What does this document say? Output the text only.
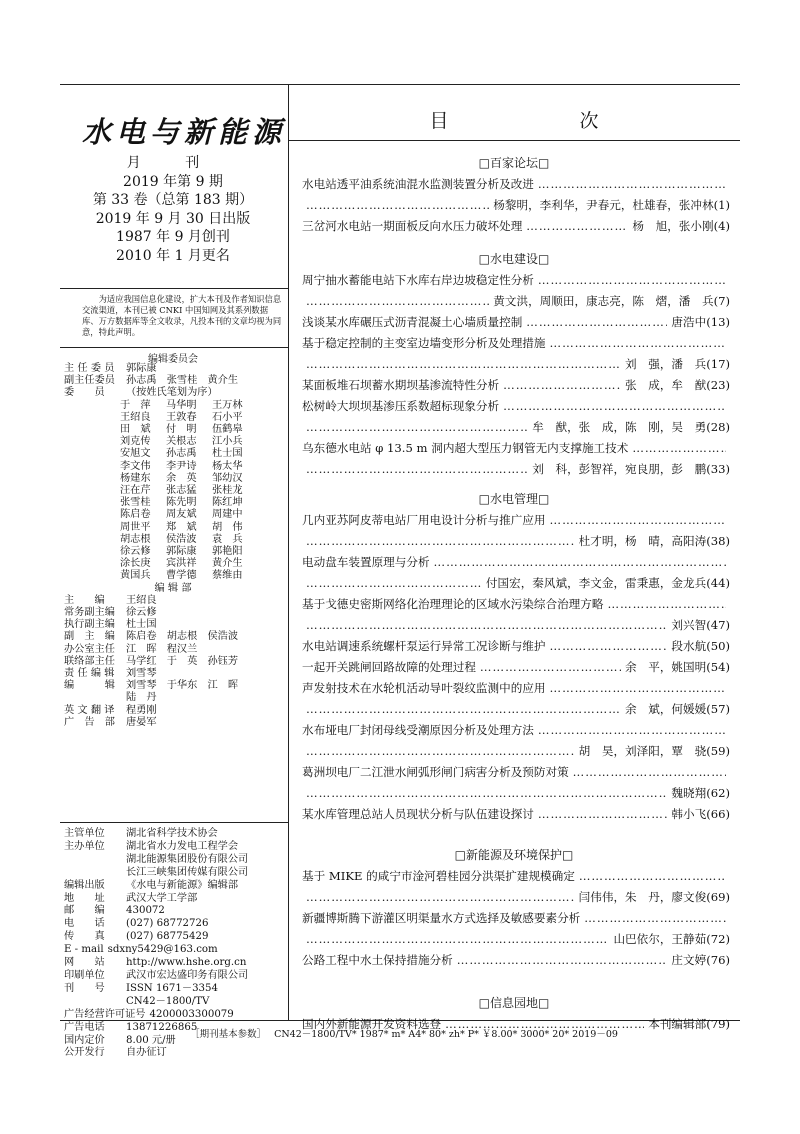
水电与新能源
月 刊
2019 年第 9 期
第 33 卷（总第 183 期）
2019 年 9 月 30 日出版
1987 年 9 月创刊
2010 年 1 月更名
为适应我国信息化建设，扩大本刊及作者知识信息交流渠道，本刊已被 CNKI 中国知网及其系列数据库、万方数据库等全文收录，凡投本刊的文章均视为同意，特此声明。
编辑委员会
主 任 委 员 郭际康
副主任委员 孙志禹　张雪桂　黄介生
委　　员 （按姓氏笔划为序）
于　萍	马华明	王万林
王绍良	王敦春	石小平
田　斌	付　明	伍鹤皋
刘克传	关根志	江小兵
安旭文	孙志禹	杜士国
李文伟	李尹诗	杨太华
杨建东	余　英	邹幼汉
汪在芹	张志猛	张桂龙
张雪桂	陈先明	陈红坤
陈启卷	周友斌	周建中
周世平	郑　斌	胡　伟
胡志根	侯浩波	袁　兵
徐云修	郭际康	郭艳阳
涂长庚	宾洪祥	黄介生
黄国兵	曹学德	蔡维由
编 辑 部
主　　编 王绍良
常务副主编 徐云修
执行副主编 杜士国
副　主　编 陈启卷　胡志根　侯浩波
办公室主任 江　晖　程汉兰
联络部主任 马学红　于　英　孙钰芳
责 任 编 辑 刘雪琴
编　　　辑 刘雪琴　于华东　江　晖
陆　丹
英 文 翻 译 程勇刚
广　告　部 唐晏军
主管单位 湖北省科学技术协会
主办单位 湖北省水力发电工程学会
湖北能源集团股份有限公司
长江三峡集团传媒有限公司
编辑出版 《水电与新能源》编辑部
地　　址 武汉大学工学部
邮　　编 430072
电　　话 (027) 68772726
传　　真 (027) 68775429
E - mail sdxny5429@163.com
网　　站 http://www.hshe.org.cn
印刷单位 武汉市宏达盛印务有限公司
刊　　号 ISSN 1671－3354
CN42－1800/TV
广告经营许可证号 4200003300079
广告电话 13871226865
国内定价 8.00 元/册
公开发行 自办征订
目　次
□百家论坛□
水电站透平油系统油混水监测装置分析及改进
……………………………………………………………………………………………………………………
……………………………………………………………………………………………………………………
杨黎明，李利华，尹春元，杜雄春，张冲林(1)
三岔河水电站一期面板反向水压力破坏处理 ……………………………………………………………………………………………………………………	杨　旭，张小刚(4)
□水电建设□
周宁抽水蓄能电站下水库右岸边坡稳定性分析
……………………………………………………………………………………………………………………
……………………………………………………………………………………………………………………
黄文洪，周顺田，康志亮，陈　熠，潘　兵(7)
浅谈某水库碾压式沥青混凝土心墙质量控制 ……………………………………………………………………………………………………………………	唐浩中(13)
基于稳定控制的主变室边墙变形分析及处理措施
……………………………………………………………………………………………………………………
……………………………………………………………………………………………………………………
刘　强，潘　兵(17)
某面板堆石坝蓄水期坝基渗流特性分析 ……………………………………………………………………………………………………………………	张　成，牟　猷(23)
松树岭大坝坝基渗压系数超标现象分析
……………………………………………………………………………………………………………………
……………………………………………………………………………………………………………………
牟　猷，张　成，陈　刚，吴　勇(28)
乌东德水电站 φ 13.5 m 洞内超大型压力钢管无内支撑施工技术
……………………………………………………………………………………………………………………
……………………………………………………………………………………………………………………
刘　科，彭智祥，宛良朋，彭　鹏(33)
□水电管理□
几内亚苏阿皮蒂电站厂用电设计分析与推广应用
……………………………………………………………………………………………………………………
……………………………………………………………………………………………………………………
杜才明，杨　晴，高阳涛(38)
电动盘车装置原理与分析
……………………………………………………………………………………………………………………
……………………………………………………………………………………………………………………
付国宏，秦风斌，李文金，雷秉惠，金龙兵(44)
基于戈德史密斯网络化治理理论的区域水污染综合治理方略
……………………………………………………………………………………………………………………
……………………………………………………………………………………………………………………
刘兴智(47)
水电站调速系统螺杆泵运行异常工况诊断与维护 ……………………………………………………………………………………………………………………	段水航(50)
一起开关跳闸回路故障的处理过程 ……………………………………………………………………………………………………………………	余　平，姚国明(54)
声发射技术在水轮机活动导叶裂纹监测中的应用
……………………………………………………………………………………………………………………
……………………………………………………………………………………………………………………
余　斌，何媛媛(57)
水布垭电厂封闭母线受潮原因分析及处理方法
……………………………………………………………………………………………………………………
……………………………………………………………………………………………………………………
胡　昊，刘泽阳，覃　骁(59)
葛洲坝电厂二江泄水闸弧形闸门病害分析及预防对策
……………………………………………………………………………………………………………………
……………………………………………………………………………………………………………………
魏晓翔(62)
某水库管理总站人员现状分析与队伍建设探讨 ……………………………………………………………………………………………………………………	韩小飞(66)
□新能源及环境保护□
基于 MIKE 的咸宁市淦河碧桂园分洪渠扩建规模确定
……………………………………………………………………………………………………………………
……………………………………………………………………………………………………………………
闫伟伟，朱　丹，廖文俊(69)
新疆博斯腾下游灌区明渠量水方式选择及敏感要素分析
……………………………………………………………………………………………………………………
……………………………………………………………………………………………………………………
山巴依尔，王静茹(72)
公路工程中水土保持措施分析 ……………………………………………………………………………………………………………………	庄文婷(76)
□信息园地□
国内外新能源开发资料选登 ……………………………………………………………………………………………………………………	本刊编辑部(79)
［期刊基本参数］ CN42－1800/TV* 1987* m* A4* 80* zh* P* ￥8.00* 3000* 20* 2019－09
